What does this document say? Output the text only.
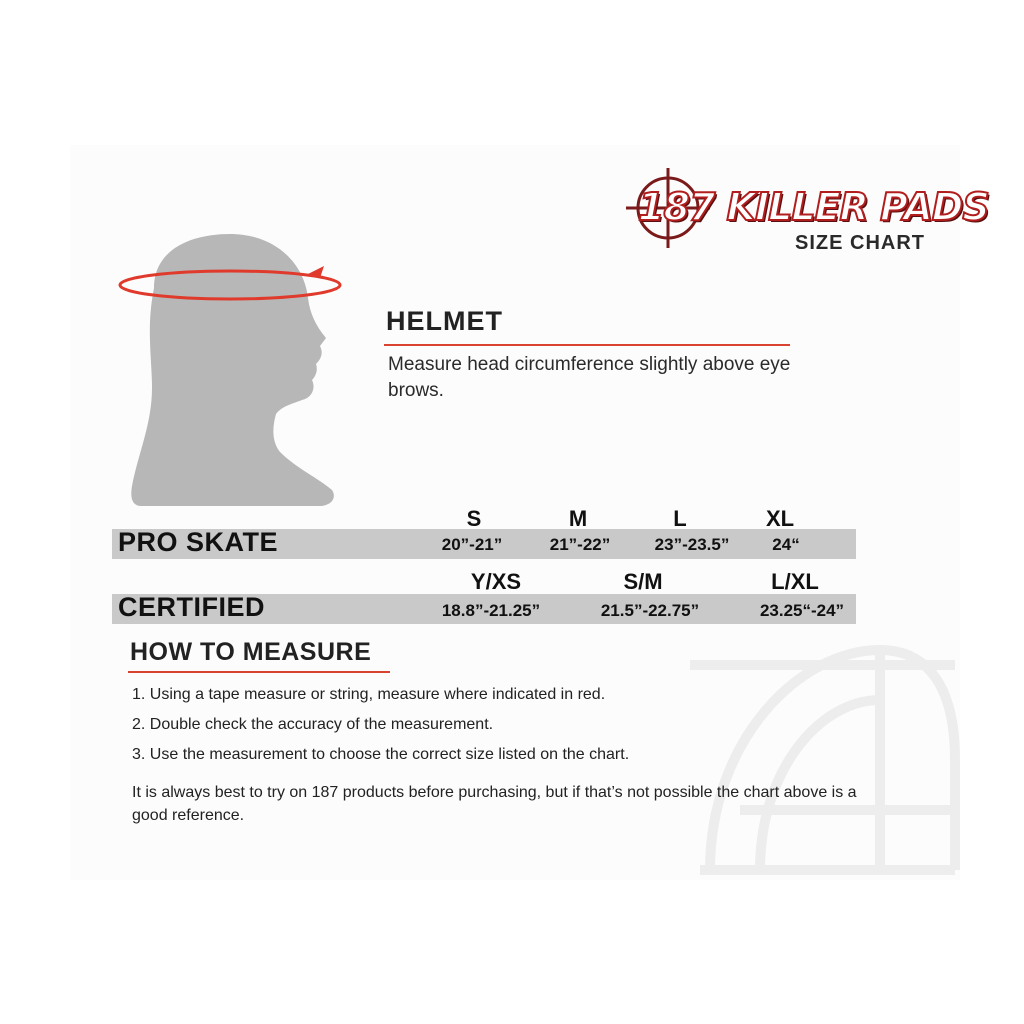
187 KILLER PADS
SIZE CHART
HELMET
Measure head circumference slightly above eye brows.
PRO SKATE
S	M	L	XL
20”-21”	21”-22”	23”-23.5”	24“
CERTIFIED
Y/XS	S/M	L/XL
18.8”-21.25”	21.5”-22.75”	23.25“-24”
HOW TO MEASURE
1. Using a tape measure or string, measure where indicated in red.
2. Double check the accuracy of the measurement.
3. Use the measurement to choose the correct size listed on the chart.
It is always best to try on 187 products before purchasing, but if that’s not possible the chart above is a good reference.
